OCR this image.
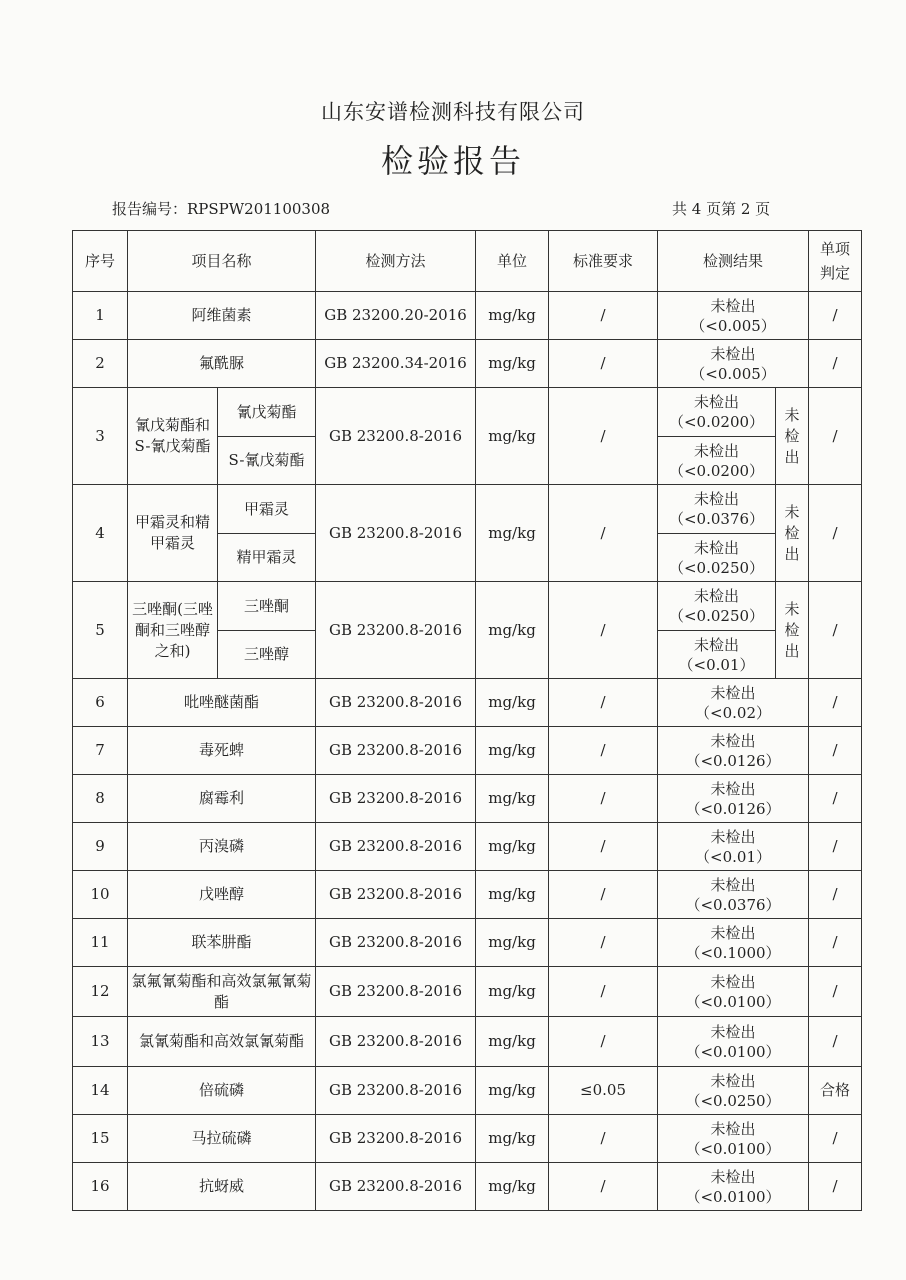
山东安谱检测科技有限公司
检验报告
报告编号：RPSPW201100308	共 4 页第 2 页
序号	项目名称		检测方法	单位	标准要求	检测结果		单项判定
1	阿维菌素		GB 23200.20-2016	mg/kg	/	未检出
（<0.005）		/
2	氟酰脲		GB 23200.34-2016	mg/kg	/	未检出
（<0.005）		/
3	氰戊菊酯和S-氰戊菊酯	氰戊菊酯	GB 23200.8-2016	mg/kg	/	未检出
（<0.0200）	未
检
出	/
		S-氰戊菊酯				未检出
（<0.0200）		
4	甲霜灵和精甲霜灵	甲霜灵	GB 23200.8-2016	mg/kg	/	未检出
（<0.0376）	未
检
出	/
		精甲霜灵				未检出
（<0.0250）		
5	三唑酮(三唑酮和三唑醇之和)	三唑酮	GB 23200.8-2016	mg/kg	/	未检出
（<0.0250）	未
检
出	/
		三唑醇				未检出
（<0.01）		
6	吡唑醚菌酯		GB 23200.8-2016	mg/kg	/	未检出
（<0.02）		/
7	毒死蜱		GB 23200.8-2016	mg/kg	/	未检出
（<0.0126）		/
8	腐霉利		GB 23200.8-2016	mg/kg	/	未检出
（<0.0126）		/
9	丙溴磷		GB 23200.8-2016	mg/kg	/	未检出
（<0.01）		/
10	戊唑醇		GB 23200.8-2016	mg/kg	/	未检出
（<0.0376）		/
11	联苯肼酯		GB 23200.8-2016	mg/kg	/	未检出
（<0.1000）		/
12	氯氟氰菊酯和高效氯氟氰菊酯		GB 23200.8-2016	mg/kg	/	未检出
（<0.0100）		/
13	氯氰菊酯和高效氯氰菊酯		GB 23200.8-2016	mg/kg	/	未检出
（<0.0100）		/
14	倍硫磷		GB 23200.8-2016	mg/kg	≤0.05	未检出
（<0.0250）		合格
15	马拉硫磷		GB 23200.8-2016	mg/kg	/	未检出
（<0.0100）		/
16	抗蚜威		GB 23200.8-2016	mg/kg	/	未检出
（<0.0100）		/
